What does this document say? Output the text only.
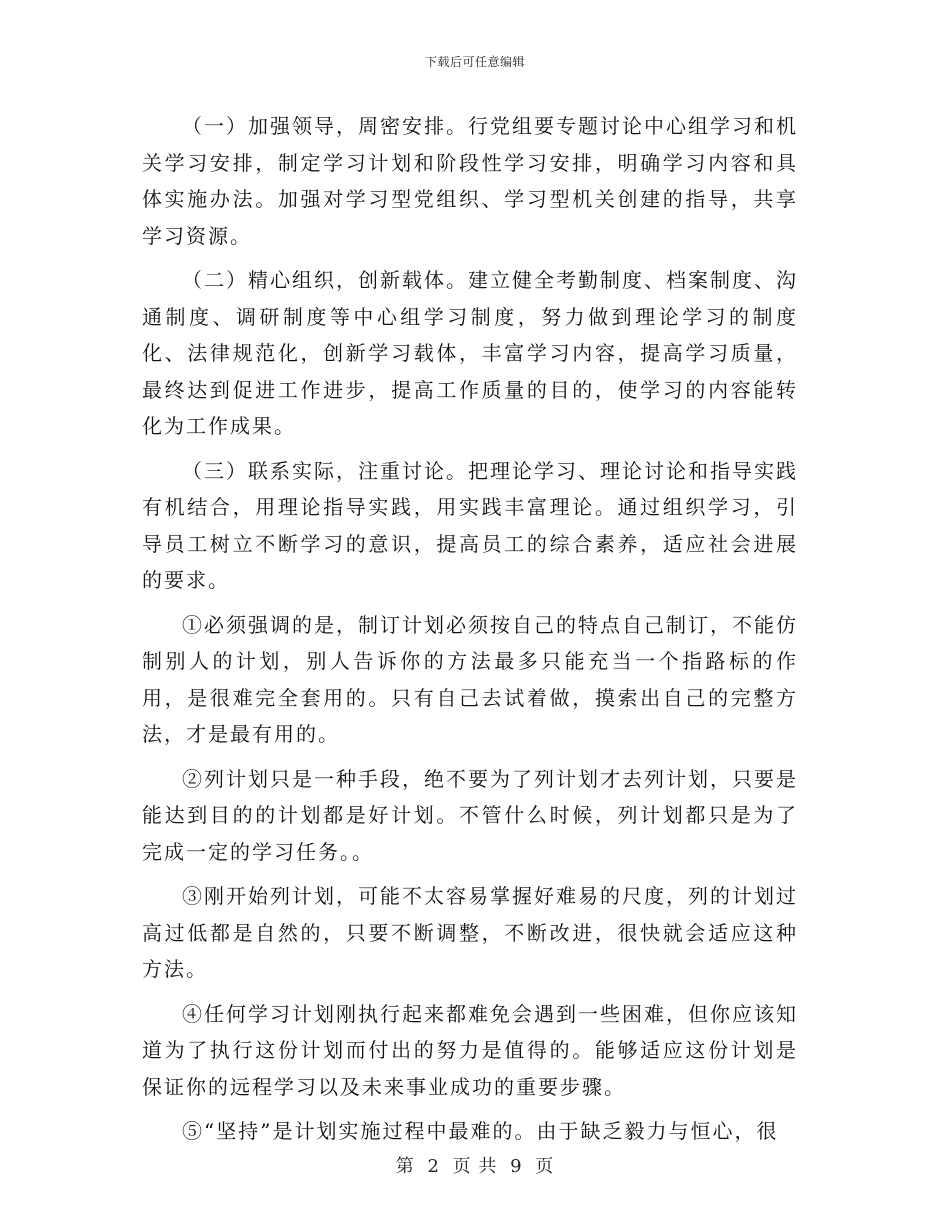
下载后可任意编辑

（一）加强领导，周密安排。行党组要专题讨论中心组学习和机关学习安排，制定学习计划和阶段性学习安排，明确学习内容和具体实施办法。加强对学习型党组织、学习型机关创建的指导，共享学习资源。

（二）精心组织，创新载体。建立健全考勤制度、档案制度、沟通制度、调研制度等中心组学习制度，努力做到理论学习的制度化、法律规范化，创新学习载体，丰富学习内容，提高学习质量，最终达到促进工作进步，提高工作质量的目的，使学习的内容能转化为工作成果。

（三）联系实际，注重讨论。把理论学习、理论讨论和指导实践有机结合，用理论指导实践，用实践丰富理论。通过组织学习，引导员工树立不断学习的意识，提高员工的综合素养，适应社会进展的要求。

①必须强调的是，制订计划必须按自己的特点自己制订，不能仿制别人的计划，别人告诉你的方法最多只能充当一个指路标的作用，是很难完全套用的。只有自己去试着做，摸索出自己的完整方法，才是最有用的。

②列计划只是一种手段，绝不要为了列计划才去列计划，只要是能达到目的的计划都是好计划。不管什么时候，列计划都只是为了完成一定的学习任务。。

③刚开始列计划，可能不太容易掌握好难易的尺度，列的计划过高过低都是自然的，只要不断调整，不断改进，很快就会适应这种方法。

④任何学习计划刚执行起来都难免会遇到一些困难，但你应该知道为了执行这份计划而付出的努力是值得的。能够适应这份计划是保证你的远程学习以及未来事业成功的重要步骤。

⑤“坚持”是计划实施过程中最难的。由于缺乏毅力与恒心，很

第 2 页 共 9 页
